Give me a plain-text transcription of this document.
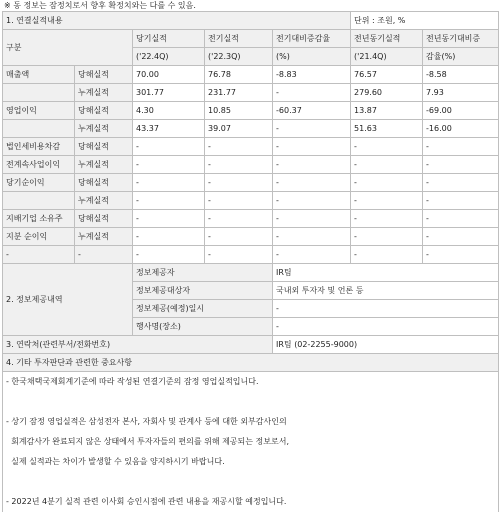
※ 동 정보는 잠정치로서 향후 확정치와는 다를 수 있음.
1. 연결실적내용					단위 : 조원, %	
구분		당기실적	전기실적	전기대비증감율	전년동기실적	전년동기대비증
		('22.4Q)	('22.3Q)	(%)	('21.4Q)	감율(%)
매출액	당해실적	70.00	76.78	-8.83	76.57	-8.58
	누계실적	301.77	231.77	-	279.60	7.93
영업이익	당해실적	4.30	10.85	-60.37	13.87	-69.00
	누계실적	43.37	39.07	-	51.63	-16.00
법인세비용차감	당해실적	-	-	-	-	-
전계속사업이익	누계실적	-	-	-	-	-
당기순이익	당해실적	-	-	-	-	-
	누계실적	-	-	-	-	-
지배기업 소유주	당해실적	-	-	-	-	-
지분 순이익	누계실적	-	-	-	-	-
-	-	-	-	-	-	-
2. 정보제공내역	정보제공자	IR팀
	정보제공대상자	국내외 투자자 및 언론 등
	정보제공(예정)일시	-
	행사명(장소)	-
3. 연락처(관련부서/전화번호)		IR팀 (02-2255-9000)
4. 기타 투자판단과 관련한 중요사항		
- 한국채택국제회계기준에 따라 작성된 연결기준의 잠정 영업실적입니다.		

- 상기 잠정 영업실적은 삼성전자 본사, 자회사 및 관계사 등에 대한 외부감사인의		
회계감사가 완료되지 않은 상태에서 투자자들의 편의를 위해 제공되는 정보로서,		
실제 실적과는 차이가 발생할 수 있음을 양지하시기 바랍니다.		

- 2022년 4분기 실적 관련 이사회 승인시점에 관련 내용을 재공시할 예정입니다.		
